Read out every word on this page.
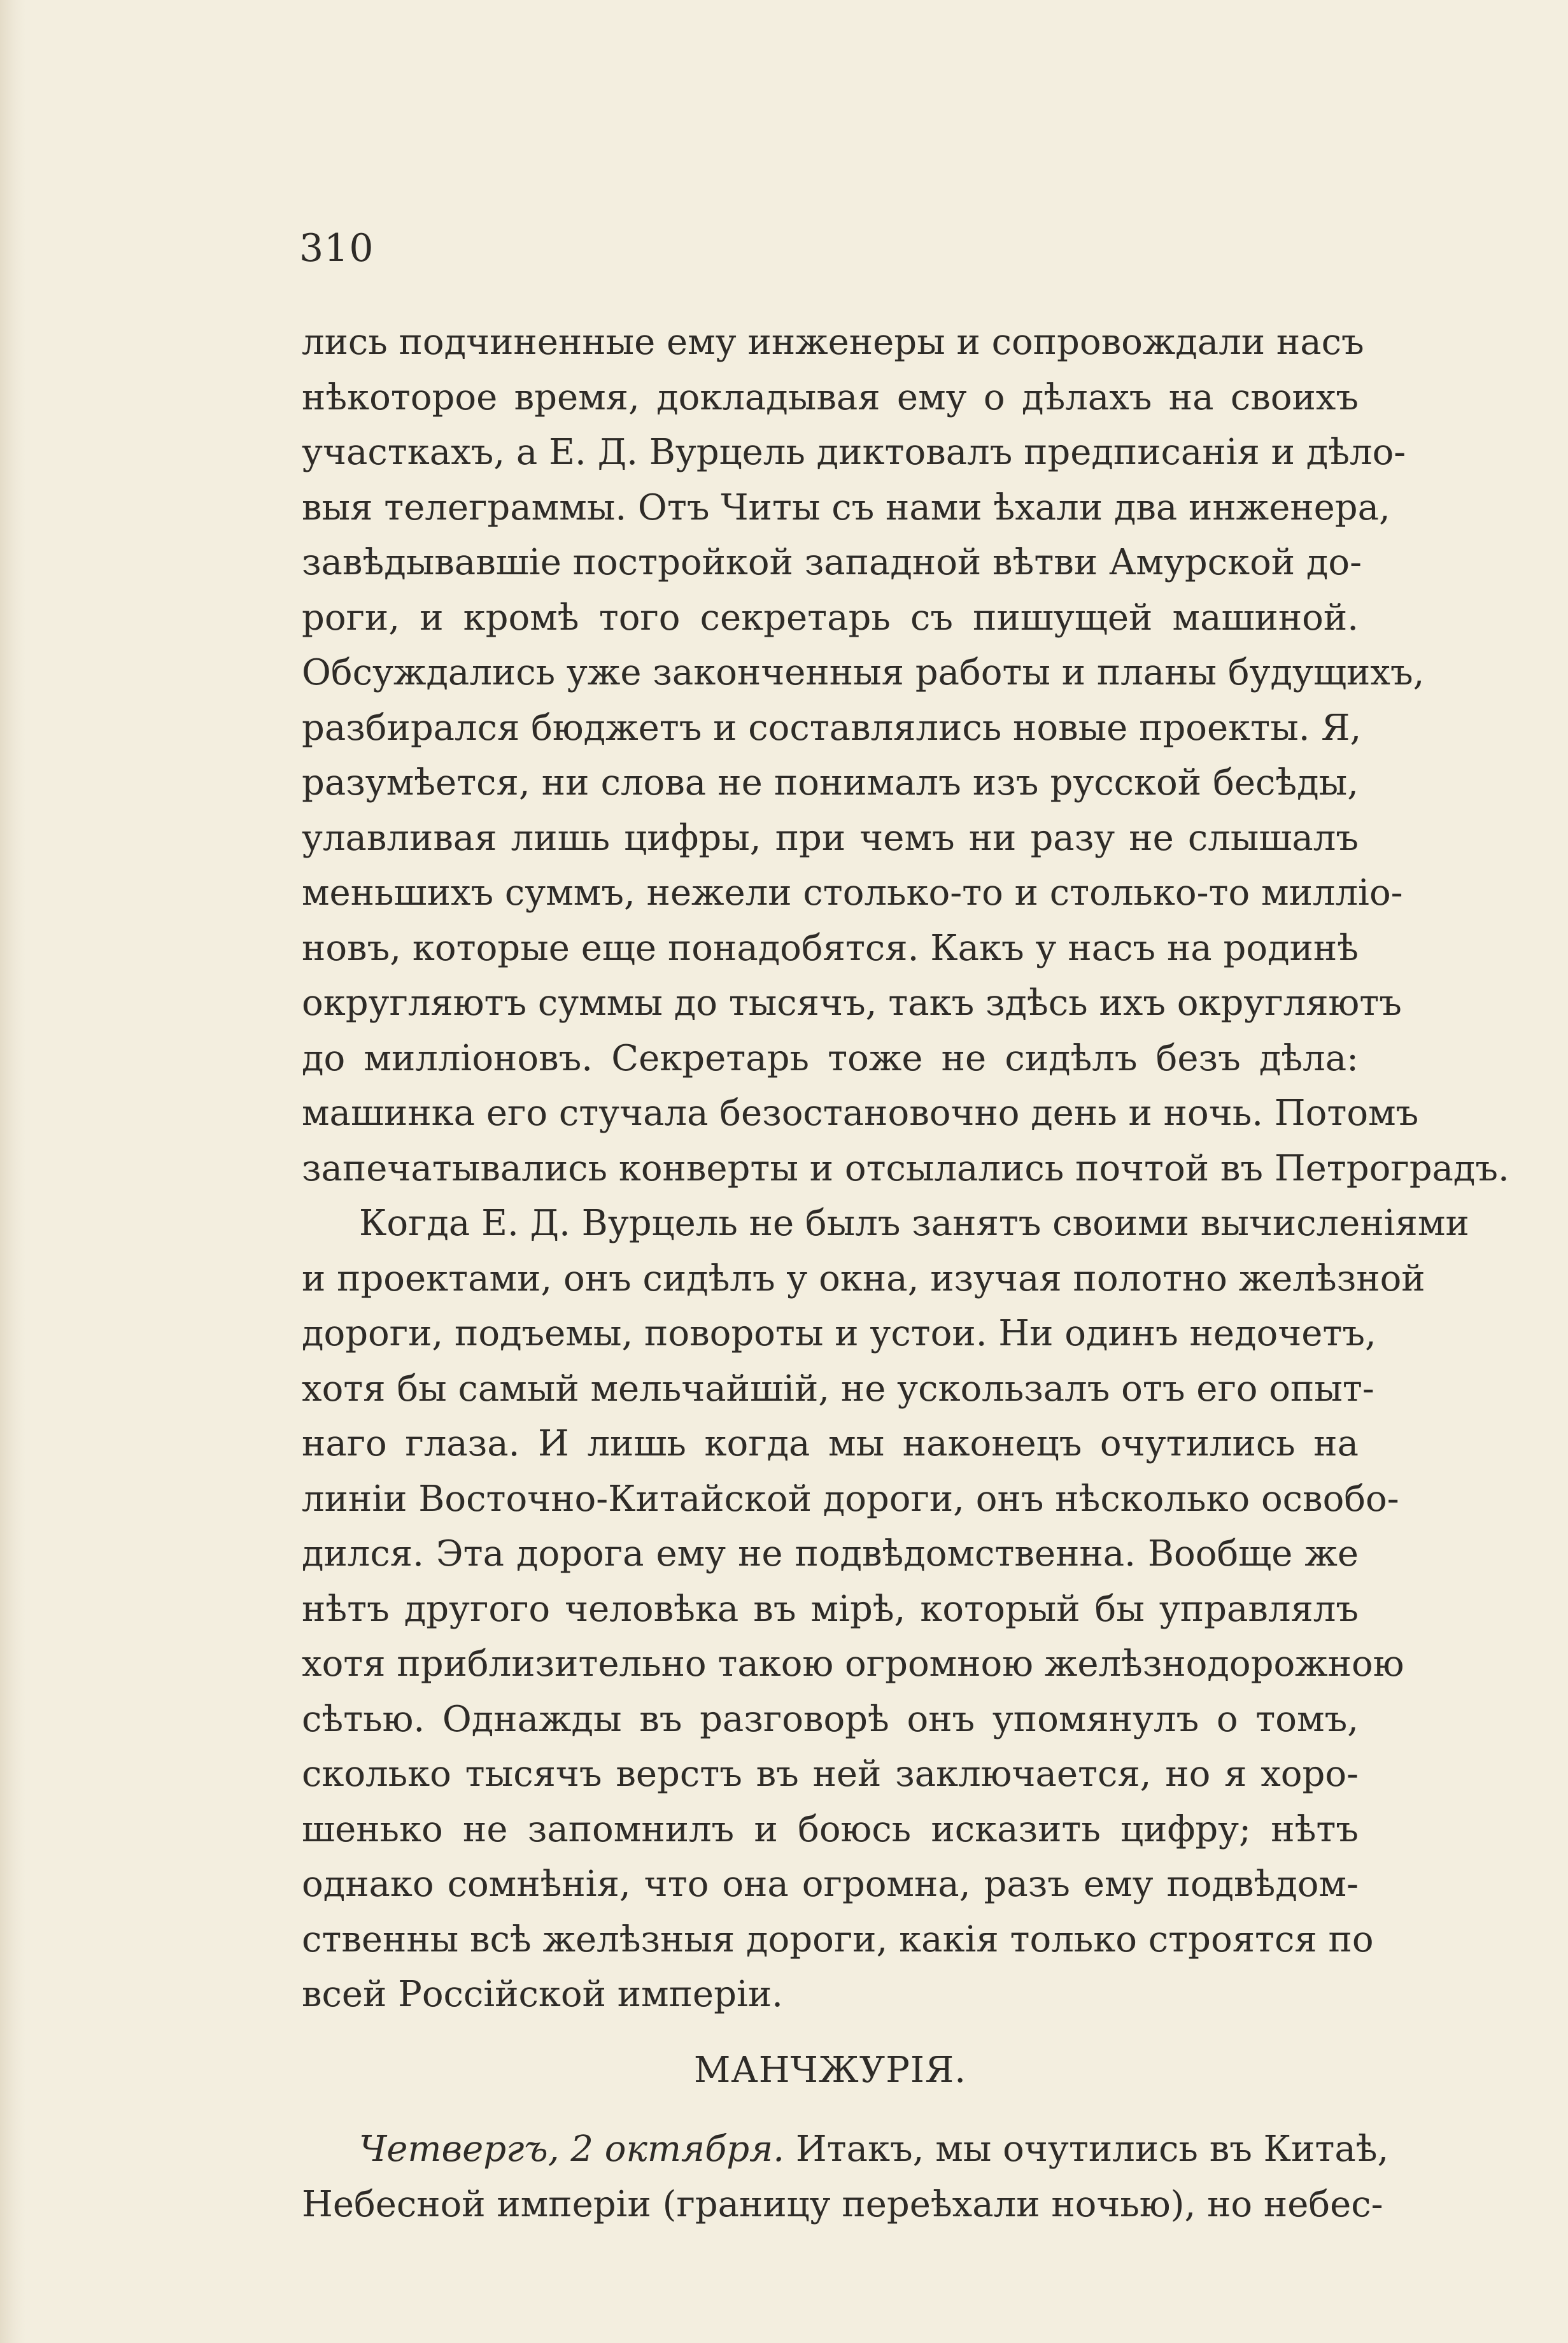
310
лись подчиненные ему инженеры и сопровождали насъ
нѣкоторое время, докладывая ему о дѣлахъ на своихъ
участкахъ, а Е. Д. Вурцель диктовалъ предписанія и дѣло-
выя телеграммы. Отъ Читы съ нами ѣхали два инженера,
завѣдывавшіе постройкой западной вѣтви Амурской до-
роги, и кромѣ того секретарь съ пишущей машиной.
Обсуждались уже законченныя работы и планы будущихъ,
разбирался бюджетъ и составлялись новые проекты. Я,
разумѣется, ни слова не понималъ изъ русской бесѣды,
улавливая лишь цифры, при чемъ ни разу не слышалъ
меньшихъ суммъ, нежели столько-то и столько-то милліо-
новъ, которые еще понадобятся. Какъ у насъ на родинѣ
округляютъ суммы до тысячъ, такъ здѣсь ихъ округляютъ
до милліоновъ. Секретарь тоже не сидѣлъ безъ дѣла:
машинка его стучала безостановочно день и ночь. Потомъ
запечатывались конверты и отсылались почтой въ Петроградъ.
Когда Е. Д. Вурцель не былъ занятъ своими вычисленіями
и проектами, онъ сидѣлъ у окна, изучая полотно желѣзной
дороги, подъемы, повороты и устои. Ни одинъ недочетъ,
хотя бы самый мельчайшій, не ускользалъ отъ его опыт-
наго глаза. И лишь когда мы наконецъ очутились на
линіи Восточно-Китайской дороги, онъ нѣсколько освобо-
дился. Эта дорога ему не подвѣдомственна. Вообще же
нѣтъ другого человѣка въ мірѣ, который бы управлялъ
хотя приблизительно такою огромною желѣзнодорожною
сѣтью. Однажды въ разговорѣ онъ упомянулъ о томъ,
сколько тысячъ верстъ въ ней заключается, но я хоро-
шенько не запомнилъ и боюсь исказить цифру; нѣтъ
однако сомнѣнія, что она огромна, разъ ему подвѣдом-
ственны всѣ желѣзныя дороги, какія только строятся по
всей Россійской имперіи.
МАНЧЖУРІЯ.
Четвергъ, 2 октября. Итакъ, мы очутились въ Китаѣ,
Небесной имперіи (границу переѣхали ночью), но небес-
